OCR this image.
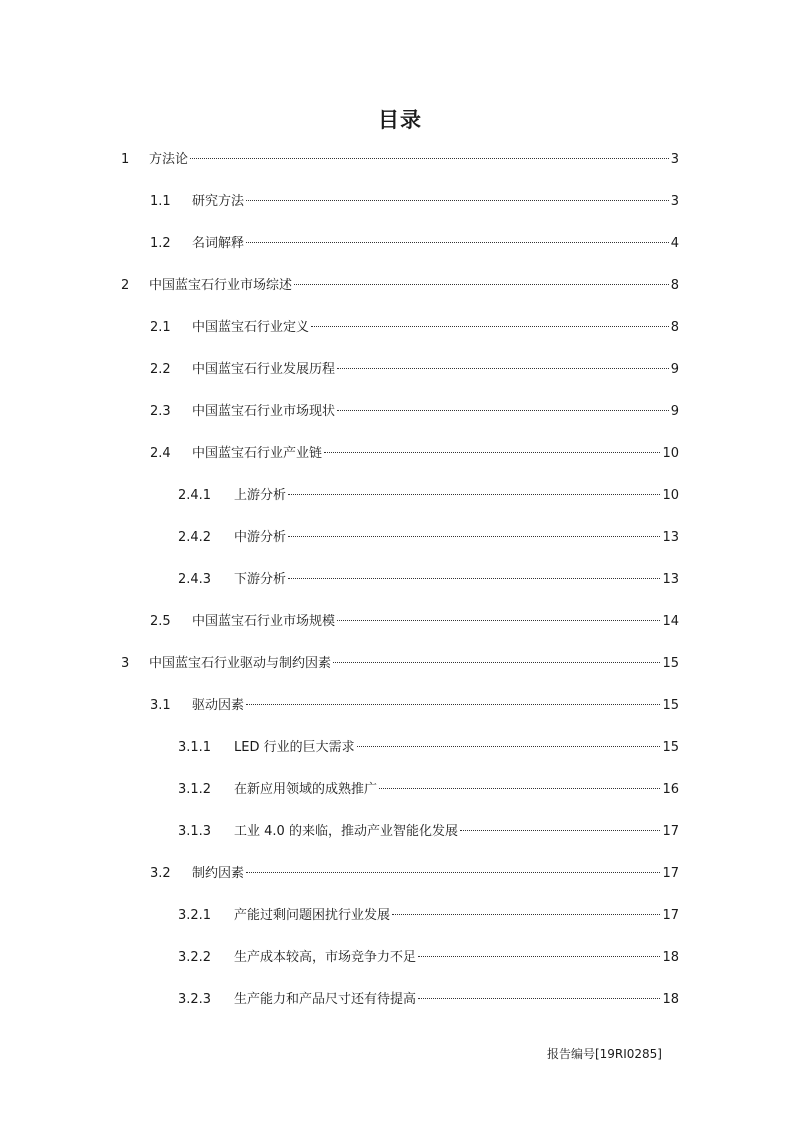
目录
1	方法论	3
1.1	研究方法	3
1.2	名词解释	4
2	中国蓝宝石行业市场综述	8
2.1	中国蓝宝石行业定义	8
2.2	中国蓝宝石行业发展历程	9
2.3	中国蓝宝石行业市场现状	9
2.4	中国蓝宝石行业产业链	10
2.4.1	上游分析	10
2.4.2	中游分析	13
2.4.3	下游分析	13
2.5	中国蓝宝石行业市场规模	14
3	中国蓝宝石行业驱动与制约因素	15
3.1	驱动因素	15
3.1.1	LED 行业的巨大需求	15
3.1.2	在新应用领域的成熟推广	16
3.1.3	工业 4.0 的来临，推动产业智能化发展	17
3.2	制约因素	17
3.2.1	产能过剩问题困扰行业发展	17
3.2.2	生产成本较高，市场竞争力不足	18
3.2.3	生产能力和产品尺寸还有待提高	18
报告编号[19RI0285]
